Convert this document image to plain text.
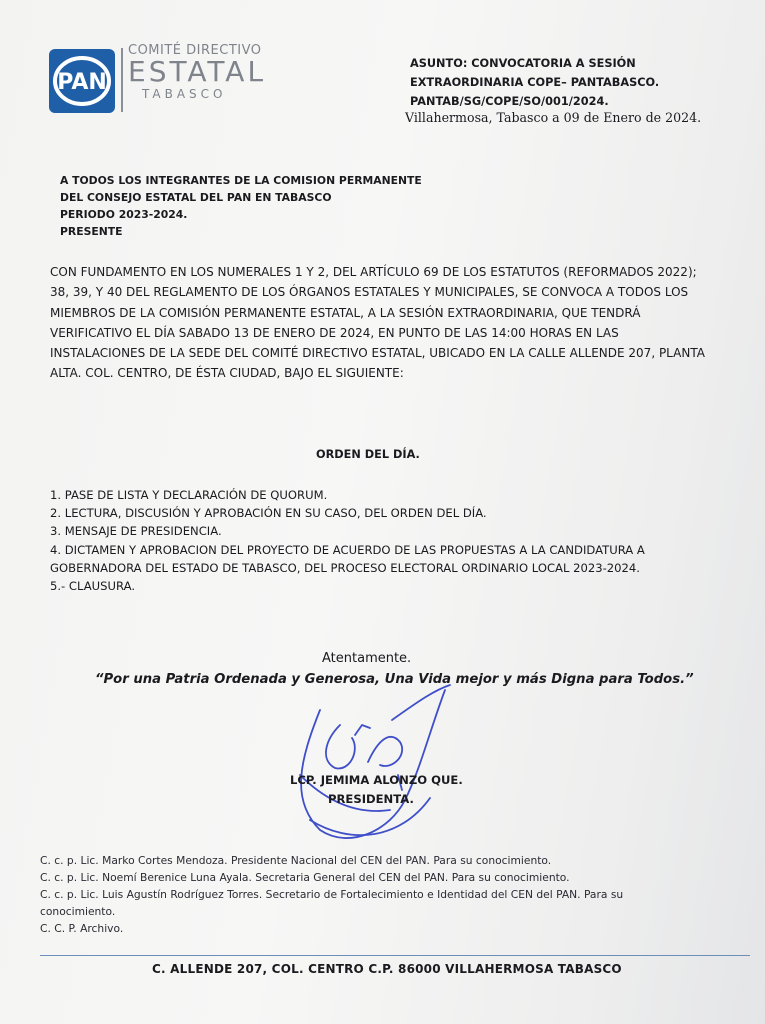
PAN
COMITÉ DIRECTIVO
ESTATAL
TABASCO
ASUNTO: CONVOCATORIA A SESIÓN
EXTRAORDINARIA COPE– PANTABASCO.
PANTAB/SG/COPE/SO/001/2024.
Villahermosa, Tabasco a 09 de Enero de 2024.
A TODOS LOS INTEGRANTES DE LA COMISION PERMANENTE
DEL CONSEJO ESTATAL DEL PAN EN TABASCO
PERIODO 2023-2024.
PRESENTE
CON FUNDAMENTO EN LOS NUMERALES 1 Y 2, DEL ARTÍCULO 69 DE LOS ESTATUTOS (REFORMADOS 2022);
38, 39, Y 40 DEL REGLAMENTO DE LOS ÓRGANOS ESTATALES Y MUNICIPALES, SE CONVOCA A TODOS LOS
MIEMBROS DE LA COMISIÓN PERMANENTE ESTATAL, A LA SESIÓN EXTRAORDINARIA, QUE TENDRÁ
VERIFICATIVO EL DÍA SABADO 13 DE ENERO DE 2024, EN PUNTO DE LAS 14:00 HORAS EN LAS
INSTALACIONES DE LA SEDE DEL COMITÉ DIRECTIVO ESTATAL, UBICADO EN LA CALLE ALLENDE 207, PLANTA
ALTA. COL. CENTRO, DE ÉSTA CIUDAD, BAJO EL SIGUIENTE:
ORDEN DEL DÍA.
1. PASE DE LISTA Y DECLARACIÓN DE QUORUM.
2. LECTURA, DISCUSIÓN Y APROBACIÓN EN SU CASO, DEL ORDEN DEL DÍA.
3. MENSAJE DE PRESIDENCIA.
4. DICTAMEN Y APROBACION DEL PROYECTO DE ACUERDO DE LAS PROPUESTAS A LA CANDIDATURA A
GOBERNADORA DEL ESTADO DE TABASCO, DEL PROCESO ELECTORAL ORDINARIO LOCAL 2023-2024.
5.- CLAUSURA.
Atentamente.
“Por una Patria Ordenada y Generosa, Una Vida mejor y más Digna para Todos.”
LCP. JEMIMA ALONZO QUE.
PRESIDENTA.
C. c. p. Lic. Marko Cortes Mendoza. Presidente Nacional del CEN del PAN. Para su conocimiento.
C. c. p. Lic. Noemí Berenice Luna Ayala. Secretaria General del CEN del PAN. Para su conocimiento.
C. c. p. Lic. Luis Agustín Rodríguez Torres. Secretario de Fortalecimiento e Identidad del CEN del PAN. Para su
conocimiento.
C. C. P. Archivo.
C. ALLENDE 207, COL. CENTRO C.P. 86000 VILLAHERMOSA TABASCO
